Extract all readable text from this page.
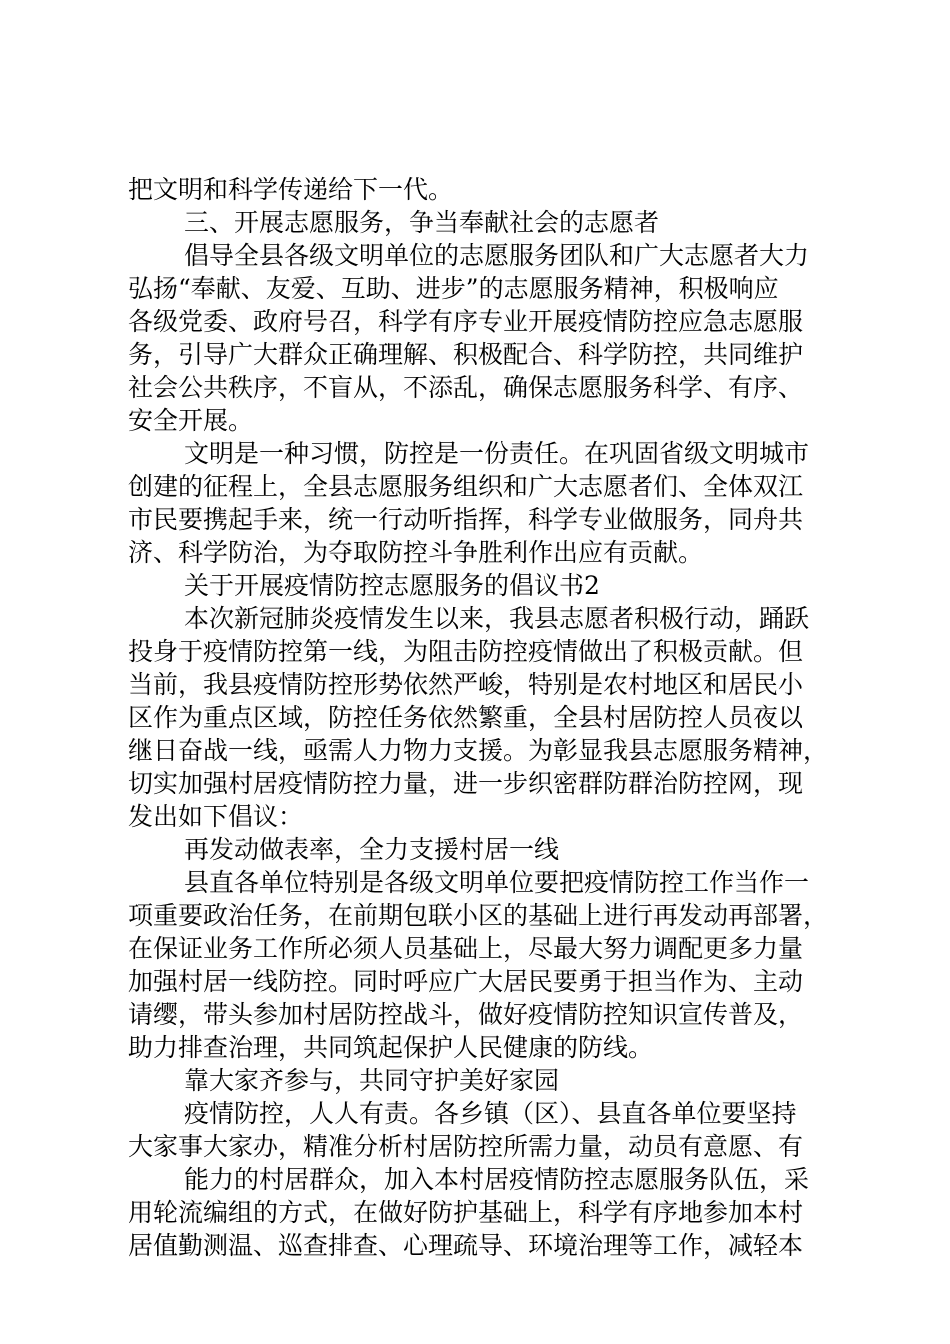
把文明和科学传递给下一代。
三、开展志愿服务，争当奉献社会的志愿者
倡导全县各级文明单位的志愿服务团队和广大志愿者大力
弘扬“奉献、友爱、互助、进步”的志愿服务精神，积极响应
各级党委、政府号召，科学有序专业开展疫情防控应急志愿服
务，引导广大群众正确理解、积极配合、科学防控，共同维护
社会公共秩序，不盲从，不添乱，确保志愿服务科学、有序、
安全开展。
文明是一种习惯，防控是一份责任。在巩固省级文明城市
创建的征程上，全县志愿服务组织和广大志愿者们、全体双江
市民要携起手来，统一行动听指挥，科学专业做服务，同舟共
济、科学防治，为夺取防控斗争胜利作出应有贡献。
关于开展疫情防控志愿服务的倡议书2
本次新冠肺炎疫情发生以来，我县志愿者积极行动，踊跃
投身于疫情防控第一线，为阻击防控疫情做出了积极贡献。但
当前，我县疫情防控形势依然严峻，特别是农村地区和居民小
区作为重点区域，防控任务依然繁重，全县村居防控人员夜以
继日奋战一线，亟需人力物力支援。为彰显我县志愿服务精神，
切实加强村居疫情防控力量，进一步织密群防群治防控网，现
发出如下倡议：
再发动做表率，全力支援村居一线
县直各单位特别是各级文明单位要把疫情防控工作当作一
项重要政治任务，在前期包联小区的基础上进行再发动再部署，
在保证业务工作所必须人员基础上，尽最大努力调配更多力量
加强村居一线防控。同时呼应广大居民要勇于担当作为、主动
请缨，带头参加村居防控战斗，做好疫情防控知识宣传普及，
助力排查治理，共同筑起保护人民健康的防线。
靠大家齐参与，共同守护美好家园
疫情防控，人人有责。各乡镇（区）、县直各单位要坚持
大家事大家办，精准分析村居防控所需力量，动员有意愿、有
能力的村居群众，加入本村居疫情防控志愿服务队伍，采
用轮流编组的方式，在做好防护基础上，科学有序地参加本村
居值勤测温、巡查排查、心理疏导、环境治理等工作，减轻本
